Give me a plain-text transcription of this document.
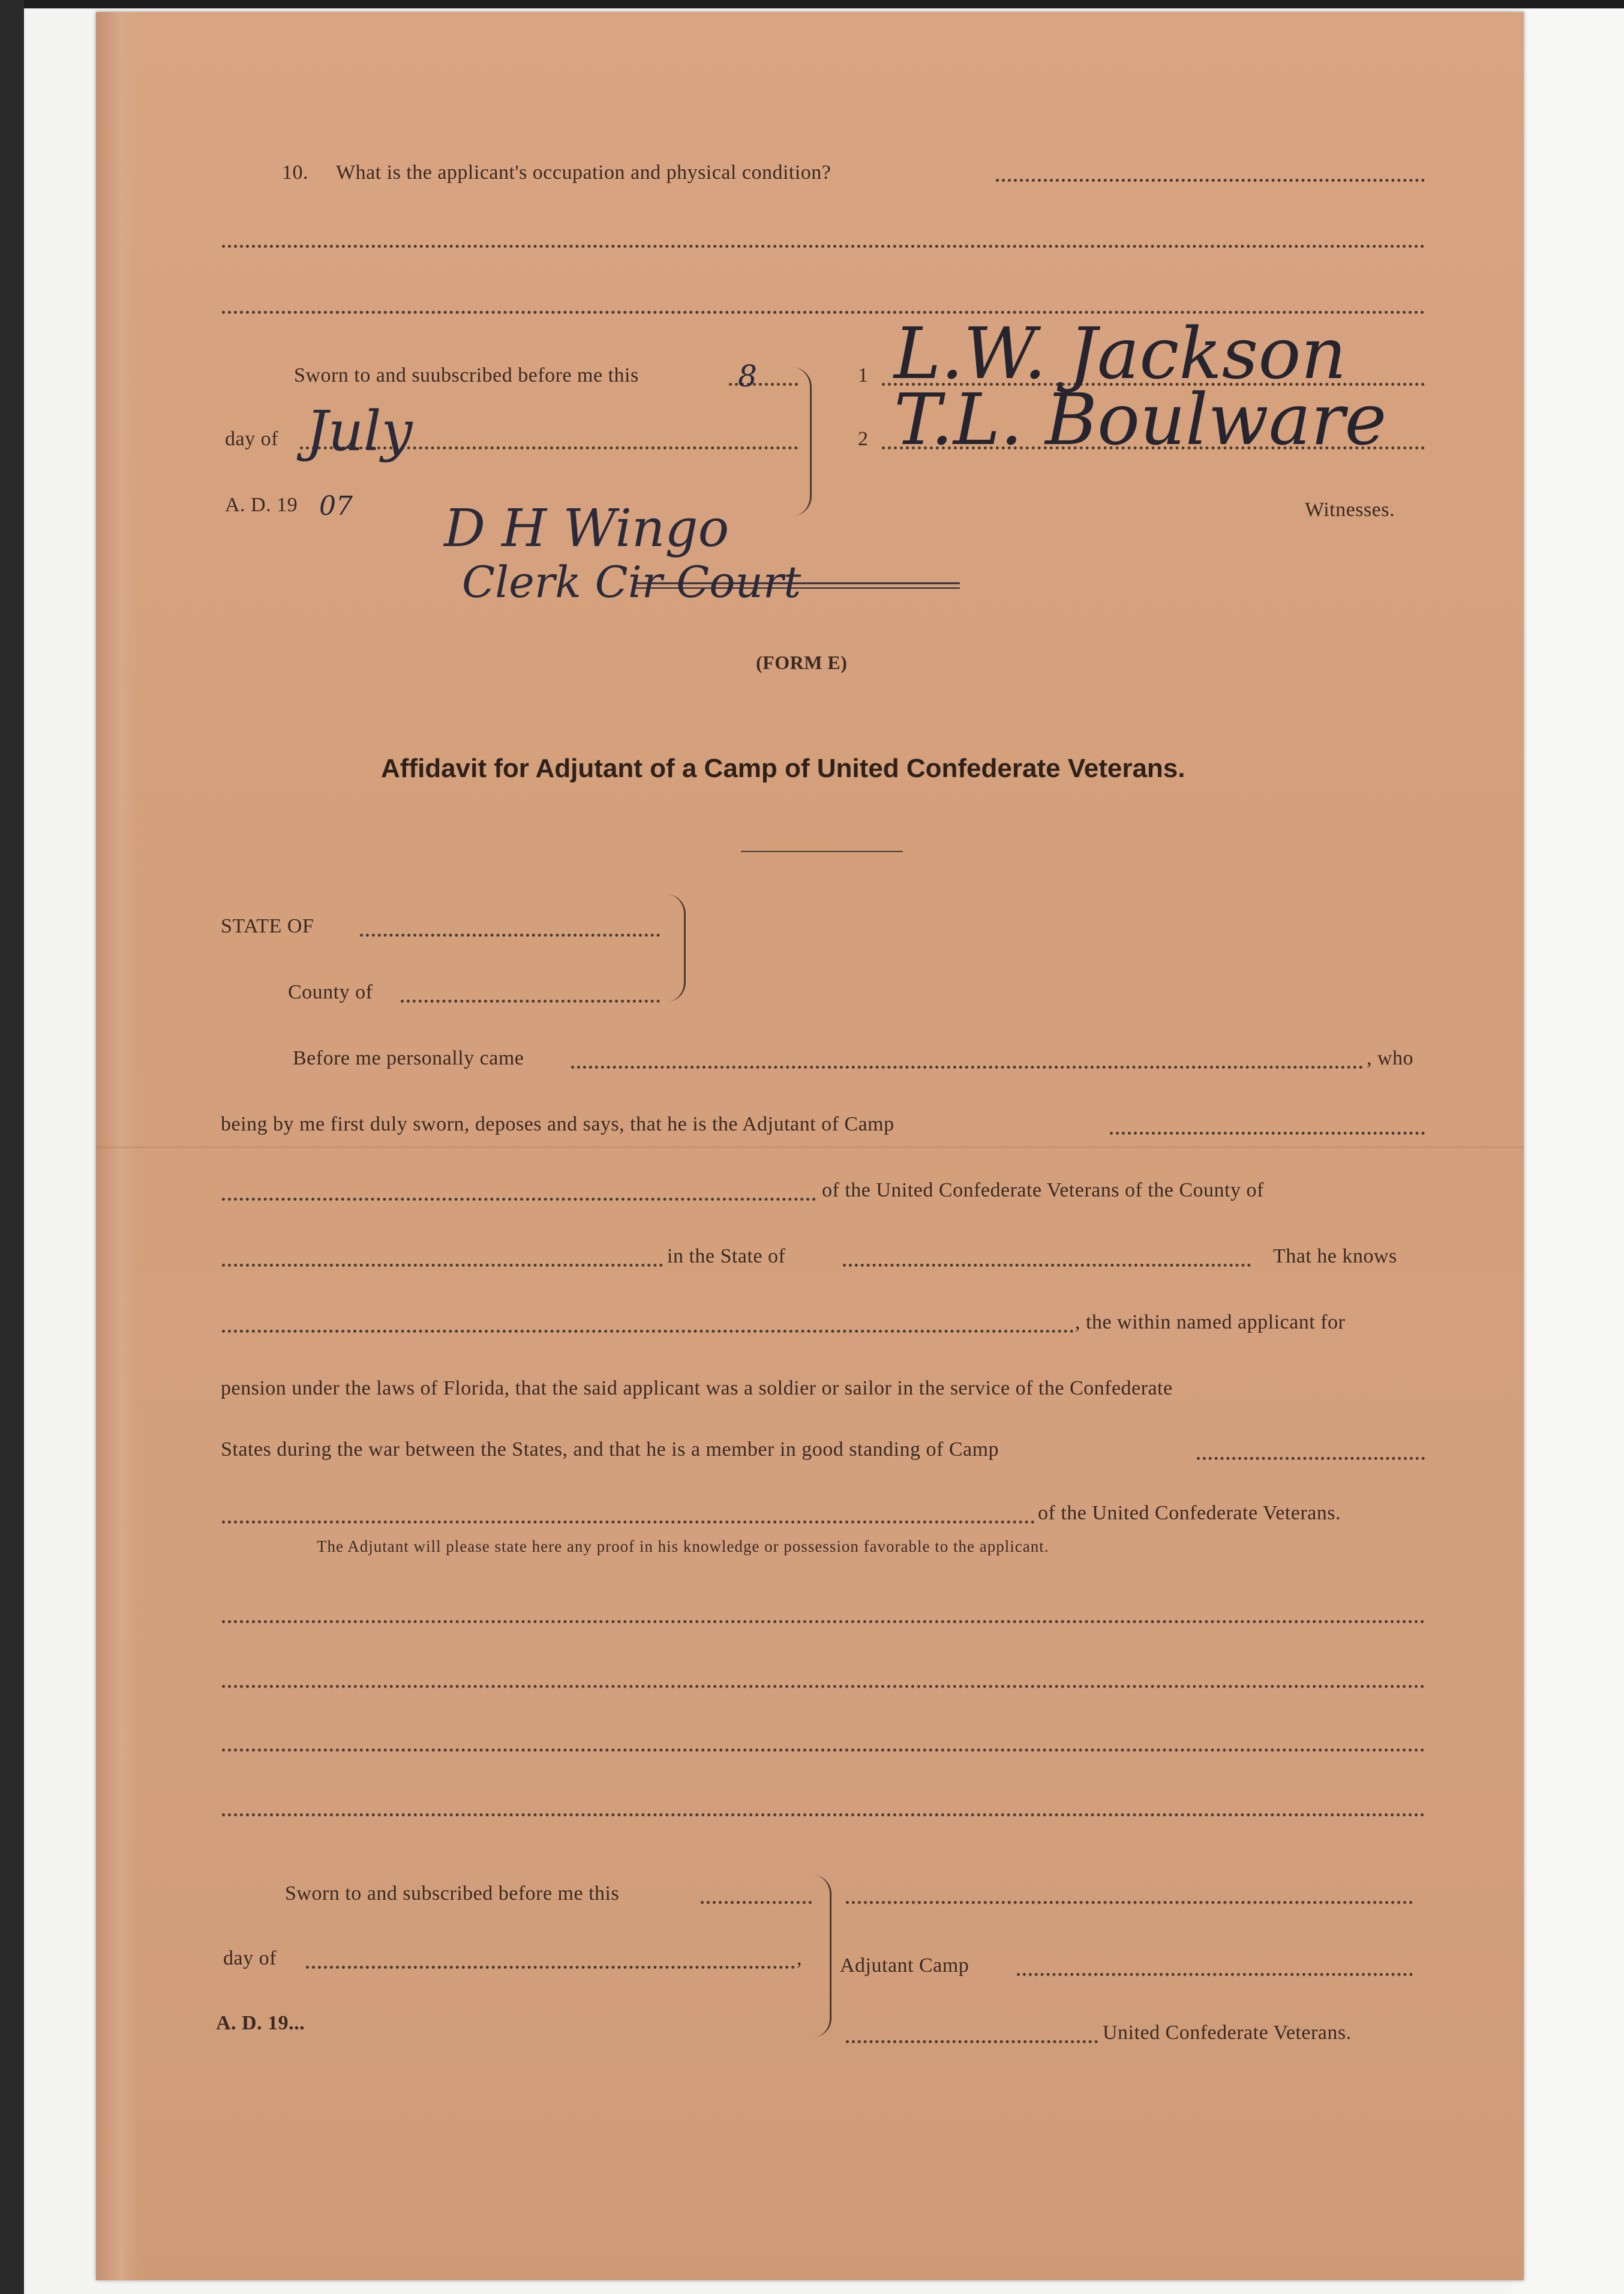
10. What is the applicant's occupation and physical condition?
Sworn to and suubscribed before me this	8
day of July
A. D. 19 07
1 L.W. Jackson
2 T.L. Boulware
Witnesses.
D H Wingo
Clerk Cir Court
(FORM E)
Affidavit for Adjutant of a Camp of United Confederate Veterans.
STATE OF
County of
Before me personally came	, who
being by me first duly sworn, deposes and says, that he is the Adjutant of Camp
of the United Confederate Veterans of the County of
in the State of	That he knows
, the within named applicant for
pension under the laws of Florida, that the said applicant was a soldier or sailor in the service of the Confederate
States during the war between the States, and that he is a member in good standing of Camp
of the United Confederate Veterans.
The Adjutant will please state here any proof in his knowledge or possession favorable to the applicant.
Sworn to and subscribed before me this
day of	,
A. D. 19...
Adjutant Camp
United Confederate Veterans.
